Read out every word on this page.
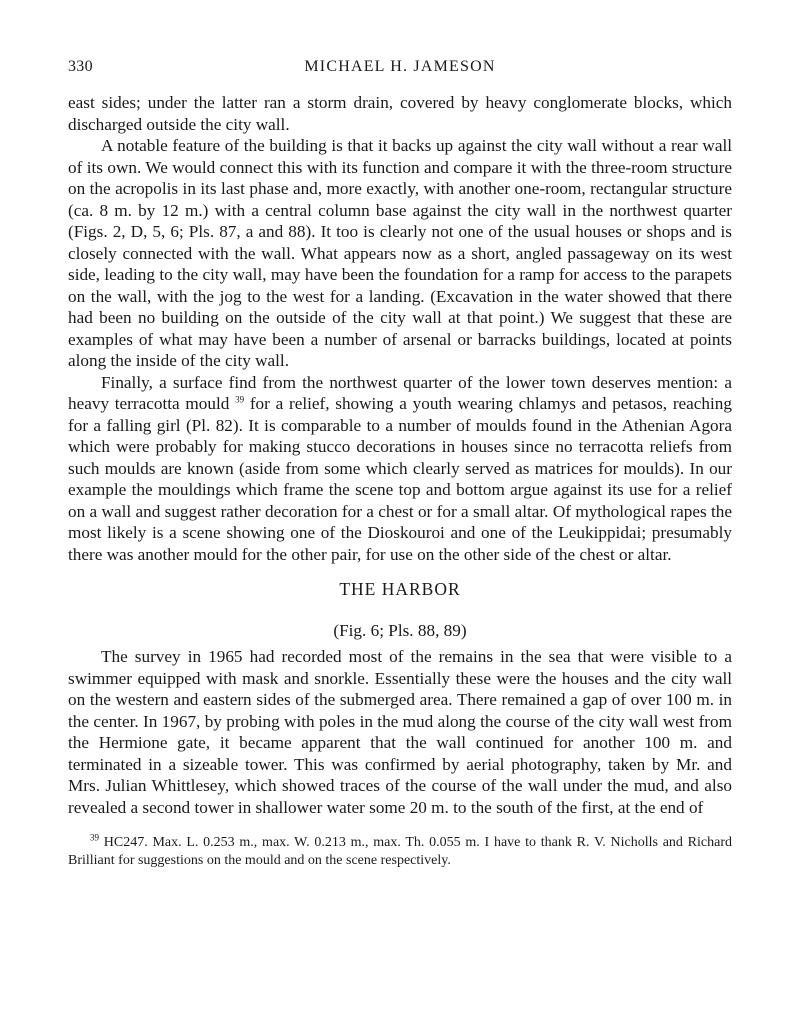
330	MICHAEL H. JAMESON

east sides; under the latter ran a storm drain, covered by heavy conglomerate blocks, which discharged outside the city wall.

A notable feature of the building is that it backs up against the city wall without a rear wall of its own. We would connect this with its function and compare it with the three-room structure on the acropolis in its last phase and, more exactly, with another one-room, rectangular structure (ca. 8 m. by 12 m.) with a central column base against the city wall in the northwest quarter (Figs. 2, D, 5, 6; Pls. 87, a and 88). It too is clearly not one of the usual houses or shops and is closely connected with the wall. What appears now as a short, angled passageway on its west side, leading to the city wall, may have been the foundation for a ramp for access to the parapets on the wall, with the jog to the west for a landing. (Excavation in the water showed that there had been no building on the outside of the city wall at that point.) We suggest that these are examples of what may have been a number of arsenal or barracks buildings, located at points along the inside of the city wall.

Finally, a surface find from the northwest quarter of the lower town deserves mention: a heavy terracotta mould $^{39}$ for a relief, showing a youth wearing chlamys and petasos, reaching for a falling girl (Pl. 82). It is comparable to a number of moulds found in the Athenian Agora which were probably for making stucco decorations in houses since no terracotta reliefs from such moulds are known (aside from some which clearly served as matrices for moulds). In our example the mouldings which frame the scene top and bottom argue against its use for a relief on a wall and suggest rather decoration for a chest or for a small altar. Of mythological rapes the most likely is a scene showing one of the Dioskouroi and one of the Leukippidai; presumably there was another mould for the other pair, for use on the other side of the chest or altar.

THE HARBOR
(Fig. 6; Pls. 88, 89)

The survey in 1965 had recorded most of the remains in the sea that were visible to a swimmer equipped with mask and snorkle. Essentially these were the houses and the city wall on the western and eastern sides of the submerged area. There remained a gap of over 100 m. in the center. In 1967, by probing with poles in the mud along the course of the city wall west from the Hermione gate, it became apparent that the wall continued for another 100 m. and terminated in a sizeable tower. This was confirmed by aerial photography, taken by Mr. and Mrs. Julian Whittlesey, which showed traces of the course of the wall under the mud, and also revealed a second tower in shallower water some 20 m. to the south of the first, at the end of

$^{39}$ HC247. Max. L. 0.253 m., max. W. 0.213 m., max. Th. 0.055 m. I have to thank R. V. Nicholls and Richard Brilliant for suggestions on the mould and on the scene respectively.
